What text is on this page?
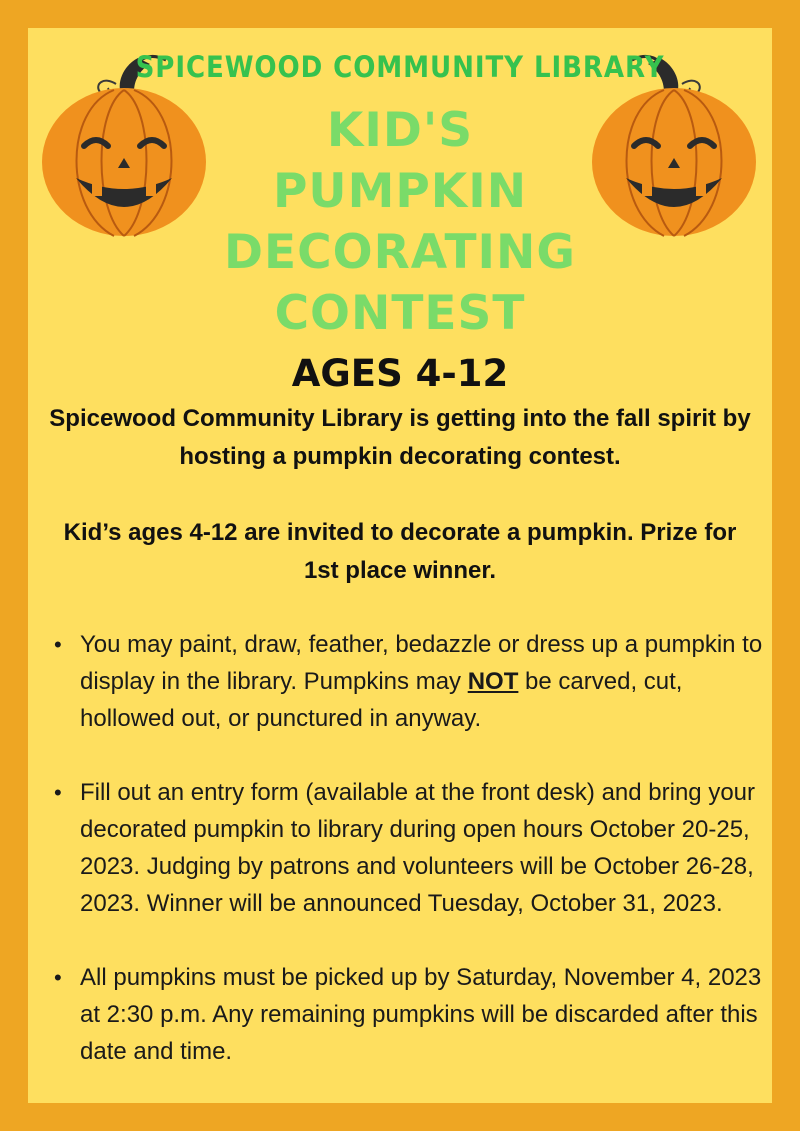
SPICEWOOD COMMUNITY LIBRARY
KID'S
PUMPKIN
DECORATING
CONTEST
AGES 4-12

Spicewood Community Library is getting into the fall spirit by hosting a pumpkin decorating contest.

Kid’s ages 4-12 are invited to decorate a pumpkin. Prize for 1st place winner.

• You may paint, draw, feather, bedazzle or dress up a pumpkin to display in the library. Pumpkins may NOT be carved, cut, hollowed out, or punctured in anyway.
• Fill out an entry form (available at the front desk) and bring your decorated pumpkin to library during open hours October 20-25, 2023. Judging by patrons and volunteers will be October 26-28, 2023. Winner will be announced Tuesday, October 31, 2023.
• All pumpkins must be picked up by Saturday, November 4, 2023 at 2:30 p.m. Any remaining pumpkins will be discarded after this date and time.
